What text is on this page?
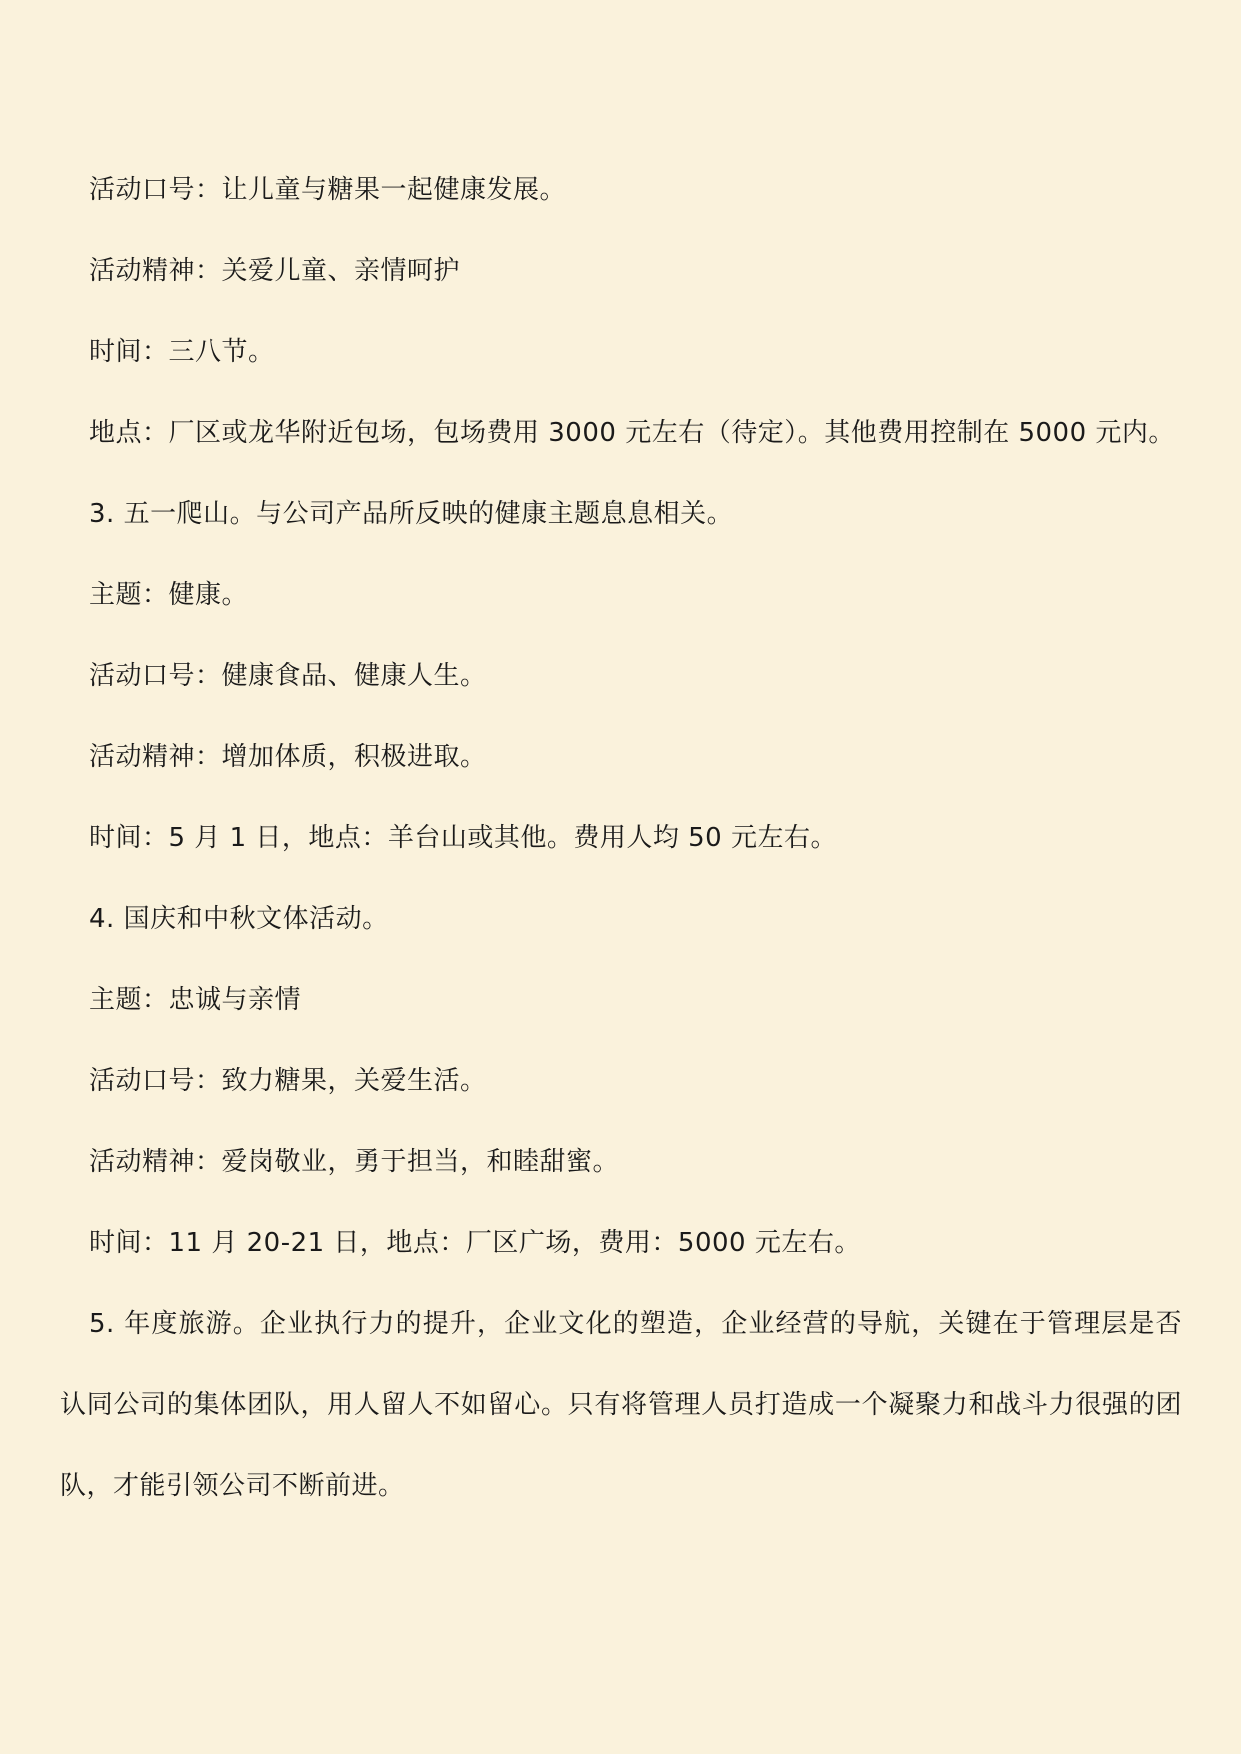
活动口号：让儿童与糖果一起健康发展。

活动精神：关爱儿童、亲情呵护

时间：三八节。

地点：厂区或龙华附近包场，包场费用 3000 元左右（待定）。其他费用控制在 5000 元内。

3. 五一爬山。与公司产品所反映的健康主题息息相关。

主题：健康。

活动口号：健康食品、健康人生。

活动精神：增加体质，积极进取。

时间：5 月 1 日，地点：羊台山或其他。费用人均 50 元左右。

4. 国庆和中秋文体活动。

主题：忠诚与亲情

活动口号：致力糖果，关爱生活。

活动精神：爱岗敬业，勇于担当，和睦甜蜜。

时间：11 月 20-21 日，地点：厂区广场，费用：5000 元左右。

5. 年度旅游。企业执行力的提升，企业文化的塑造，企业经营的导航，关键在于管理层是否认同公司的集体团队，用人留人不如留心。只有将管理人员打造成一个凝聚力和战斗力很强的团队，才能引领公司不断前进。
